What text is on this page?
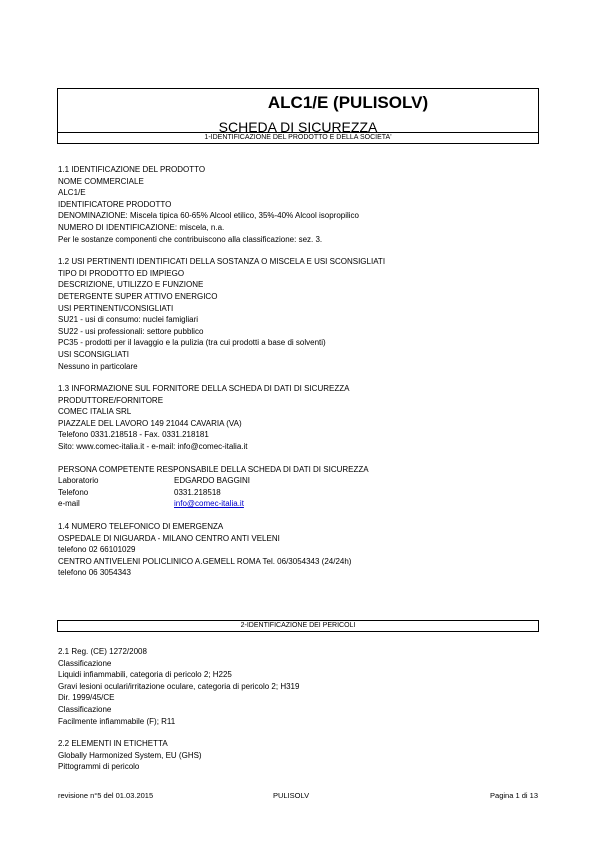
ALC1/E (PULISOLV)
SCHEDA DI SICUREZZA
1-IDENTIFICAZIONE DEL PRODOTTO E DELLA SOCIETA'
1.1 IDENTIFICAZIONE DEL PRODOTTO
NOME COMMERCIALE
ALC1/E
IDENTIFICATORE PRODOTTO
DENOMINAZIONE: Miscela tipica 60-65% Alcool etilico, 35%-40% Alcool isopropilico
NUMERO DI IDENTIFICAZIONE: miscela, n.a.
Per le sostanze componenti che contribuiscono alla classificazione: sez. 3.
1.2 USI PERTINENTI IDENTIFICATI DELLA SOSTANZA O MISCELA E USI SCONSIGLIATI
TIPO DI PRODOTTO ED IMPIEGO
DESCRIZIONE, UTILIZZO E FUNZIONE
DETERGENTE SUPER ATTIVO ENERGICO
USI PERTINENTI/CONSIGLIATI
SU21 - usi di consumo: nuclei famigliari
SU22 - usi professionali: settore pubblico
PC35 - prodotti per il lavaggio e la pulizia (tra cui prodotti a base di solventi)
USI SCONSIGLIATI
Nessuno in particolare
1.3 INFORMAZIONE SUL FORNITORE DELLA SCHEDA DI DATI DI SICUREZZA
PRODUTTORE/FORNITORE
COMEC ITALIA SRL
PIAZZALE DEL LAVORO 149 21044 CAVARIA (VA)
Telefono 0331.218518 - Fax. 0331.218181
Sito: www.comec-italia.it - e-mail: info@comec-italia.it
PERSONA COMPETENTE RESPONSABILE DELLA SCHEDA DI DATI DI SICUREZZA
Laboratorio	EDGARDO BAGGINI
Telefono	0331.218518
e-mail	info@comec-italia.it
1.4 NUMERO TELEFONICO DI EMERGENZA
OSPEDALE DI NIGUARDA - MILANO CENTRO ANTI VELENI
telefono 02 66101029
CENTRO ANTIVELENI POLICLINICO A.GEMELL ROMA Tel. 06/3054343 (24/24h)
telefono 06 3054343
2-IDENTIFICAZIONE DEI PERICOLI
2.1 Reg. (CE) 1272/2008
Classificazione
Liquidi infiammabili, categoria di pericolo 2; H225
Gravi lesioni oculari/irritazione oculare, categoria di pericolo 2; H319
Dir. 1999/45/CE
Classificazione
Facilmente infiammabile (F); R11
2.2 ELEMENTI IN ETICHETTA
Globally Harmonized System, EU (GHS)
Pittogrammi di pericolo
revisione n°5 del 01.03.2015	PULISOLV	Pagina 1 di 13
